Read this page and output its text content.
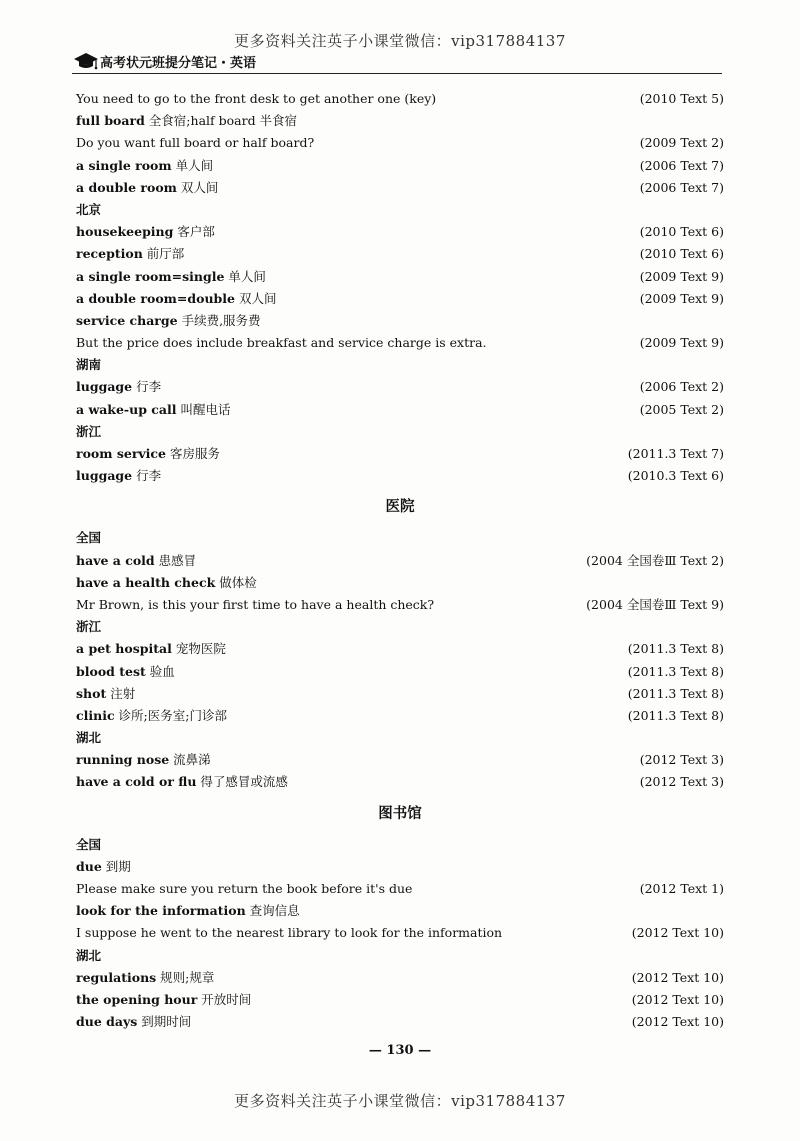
更多资料关注英子小课堂微信：vip317884137
高考状元班提分笔记・英语
You need to go to the front desk to get another one (key)	(2010 Text 5)
full board 全食宿;half board 半食宿
Do you want full board or half board?	(2009 Text 2)
a single room 单人间	(2006 Text 7)
a double room 双人间	(2006 Text 7)
北京
housekeeping 客户部	(2010 Text 6)
reception 前厅部	(2010 Text 6)
a single room=single 单人间	(2009 Text 9)
a double room=double 双人间	(2009 Text 9)
service charge 手续费,服务费
But the price does include breakfast and service charge is extra.	(2009 Text 9)
湖南
luggage 行李	(2006 Text 2)
a wake-up call 叫醒电话	(2005 Text 2)
浙江
room service 客房服务	(2011.3 Text 7)
luggage 行李	(2010.3 Text 6)
医院
全国
have a cold 患感冒	(2004 全国卷Ⅲ Text 2)
have a health check 做体检
Mr Brown, is this your first time to have a health check?	(2004 全国卷Ⅲ Text 9)
浙江
a pet hospital 宠物医院	(2011.3 Text 8)
blood test 验血	(2011.3 Text 8)
shot 注射	(2011.3 Text 8)
clinic 诊所;医务室;门诊部	(2011.3 Text 8)
湖北
running nose 流鼻涕	(2012 Text 3)
have a cold or flu 得了感冒或流感	(2012 Text 3)
图书馆
全国
due 到期
Please make sure you return the book before it's due	(2012 Text 1)
look for the information 查询信息
I suppose he went to the nearest library to look for the information	(2012 Text 10)
湖北
regulations 规则;规章	(2012 Text 10)
the opening hour 开放时间	(2012 Text 10)
due days 到期时间	(2012 Text 10)
— 130 —
更多资料关注英子小课堂微信：vip317884137
